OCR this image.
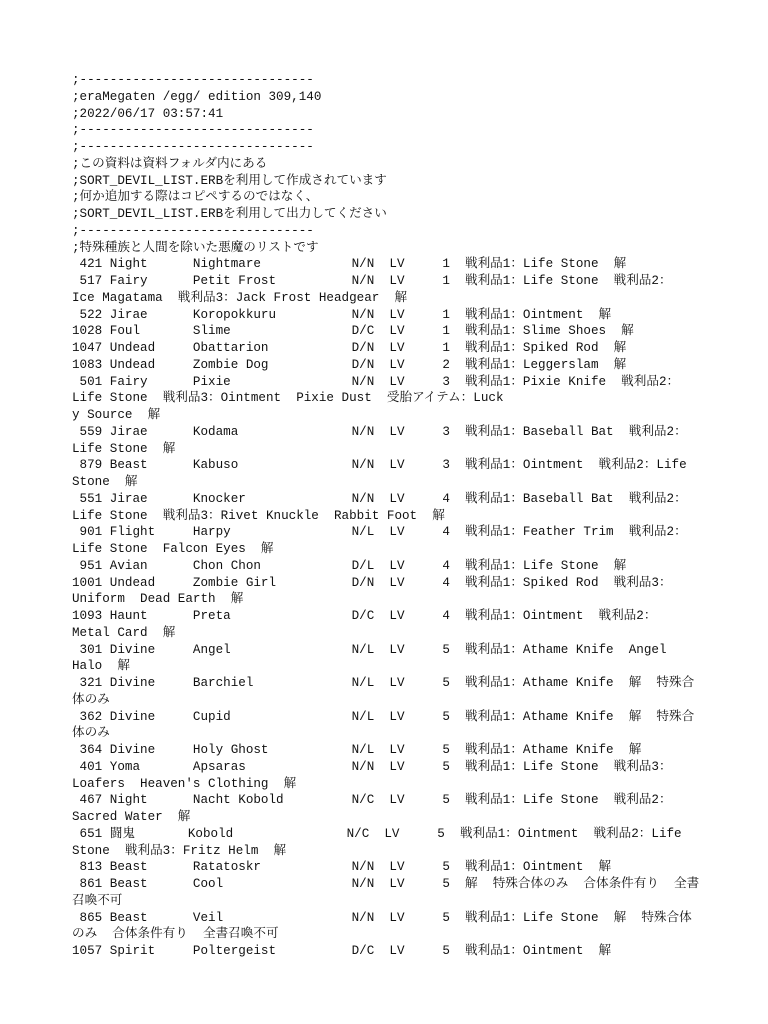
;-------------------------------
;eraMegaten /egg/ edition 309,140
;2022/06/17 03:57:41
;-------------------------------
;-------------------------------
;この資料は資料フォルダ内にある
;SORT_DEVIL_LIST.ERBを利用して作成されています
;何か追加する際はコピペするのではなく、
;SORT_DEVIL_LIST.ERBを利用して出力してください
;-------------------------------
;特殊種族と人間を除いた悪魔のリストです
421 Night      Nightmare            N/N  LV     1  戦利品1：Life Stone  解
517 Fairy      Petit Frost          N/N  LV     1  戦利品1：Life Stone  戦利品2：
Ice Magatama  戦利品3：Jack Frost Headgear  解
522 Jirae      Koropokkuru          N/N  LV     1  戦利品1：Ointment  解
1028 Foul       Slime                D/C  LV     1  戦利品1：Slime Shoes  解
1047 Undead     Obattarion           D/N  LV     1  戦利品1：Spiked Rod  解
1083 Undead     Zombie Dog           D/N  LV     2  戦利品1：Leggerslam  解
501 Fairy      Pixie                N/N  LV     3  戦利品1：Pixie Knife  戦利品2：
Life Stone  戦利品3：Ointment  Pixie Dust  受胎アイテム：Luck
y Source  解
559 Jirae      Kodama               N/N  LV     3  戦利品1：Baseball Bat  戦利品2：
Life Stone  解
879 Beast      Kabuso               N/N  LV     3  戦利品1：Ointment  戦利品2：Life
Stone  解
551 Jirae      Knocker              N/N  LV     4  戦利品1：Baseball Bat  戦利品2：
Life Stone  戦利品3：Rivet Knuckle  Rabbit Foot  解
901 Flight     Harpy                N/L  LV     4  戦利品1：Feather Trim  戦利品2：
Life Stone  Falcon Eyes  解
951 Avian      Chon Chon            D/L  LV     4  戦利品1：Life Stone  解
1001 Undead     Zombie Girl          D/N  LV     4  戦利品1：Spiked Rod  戦利品3：
Uniform  Dead Earth  解
1093 Haunt      Preta                D/C  LV     4  戦利品1：Ointment  戦利品2：
Metal Card  解
301 Divine     Angel                N/L  LV     5  戦利品1：Athame Knife  Angel
Halo  解
321 Divine     Barchiel             N/L  LV     5  戦利品1：Athame Knife  解  特殊合
体のみ
362 Divine     Cupid                N/L  LV     5  戦利品1：Athame Knife  解  特殊合
体のみ
364 Divine     Holy Ghost           N/L  LV     5  戦利品1：Athame Knife  解
401 Yoma       Apsaras              N/N  LV     5  戦利品1：Life Stone  戦利品3：
Loafers  Heaven's Clothing  解
467 Night      Nacht Kobold         N/C  LV     5  戦利品1：Life Stone  戦利品2：
Sacred Water  解
651 闘鬼       Kobold               N/C  LV     5  戦利品1：Ointment  戦利品2：Life
Stone  戦利品3：Fritz Helm  解
813 Beast      Ratatoskr            N/N  LV     5  戦利品1：Ointment  解
861 Beast      Cool                 N/N  LV     5  解  特殊合体のみ  合体条件有り  全書
召喚不可
865 Beast      Veil                 N/N  LV     5  戦利品1：Life Stone  解  特殊合体
のみ  合体条件有り  全書召喚不可
1057 Spirit     Poltergeist          D/C  LV     5  戦利品1：Ointment  解
